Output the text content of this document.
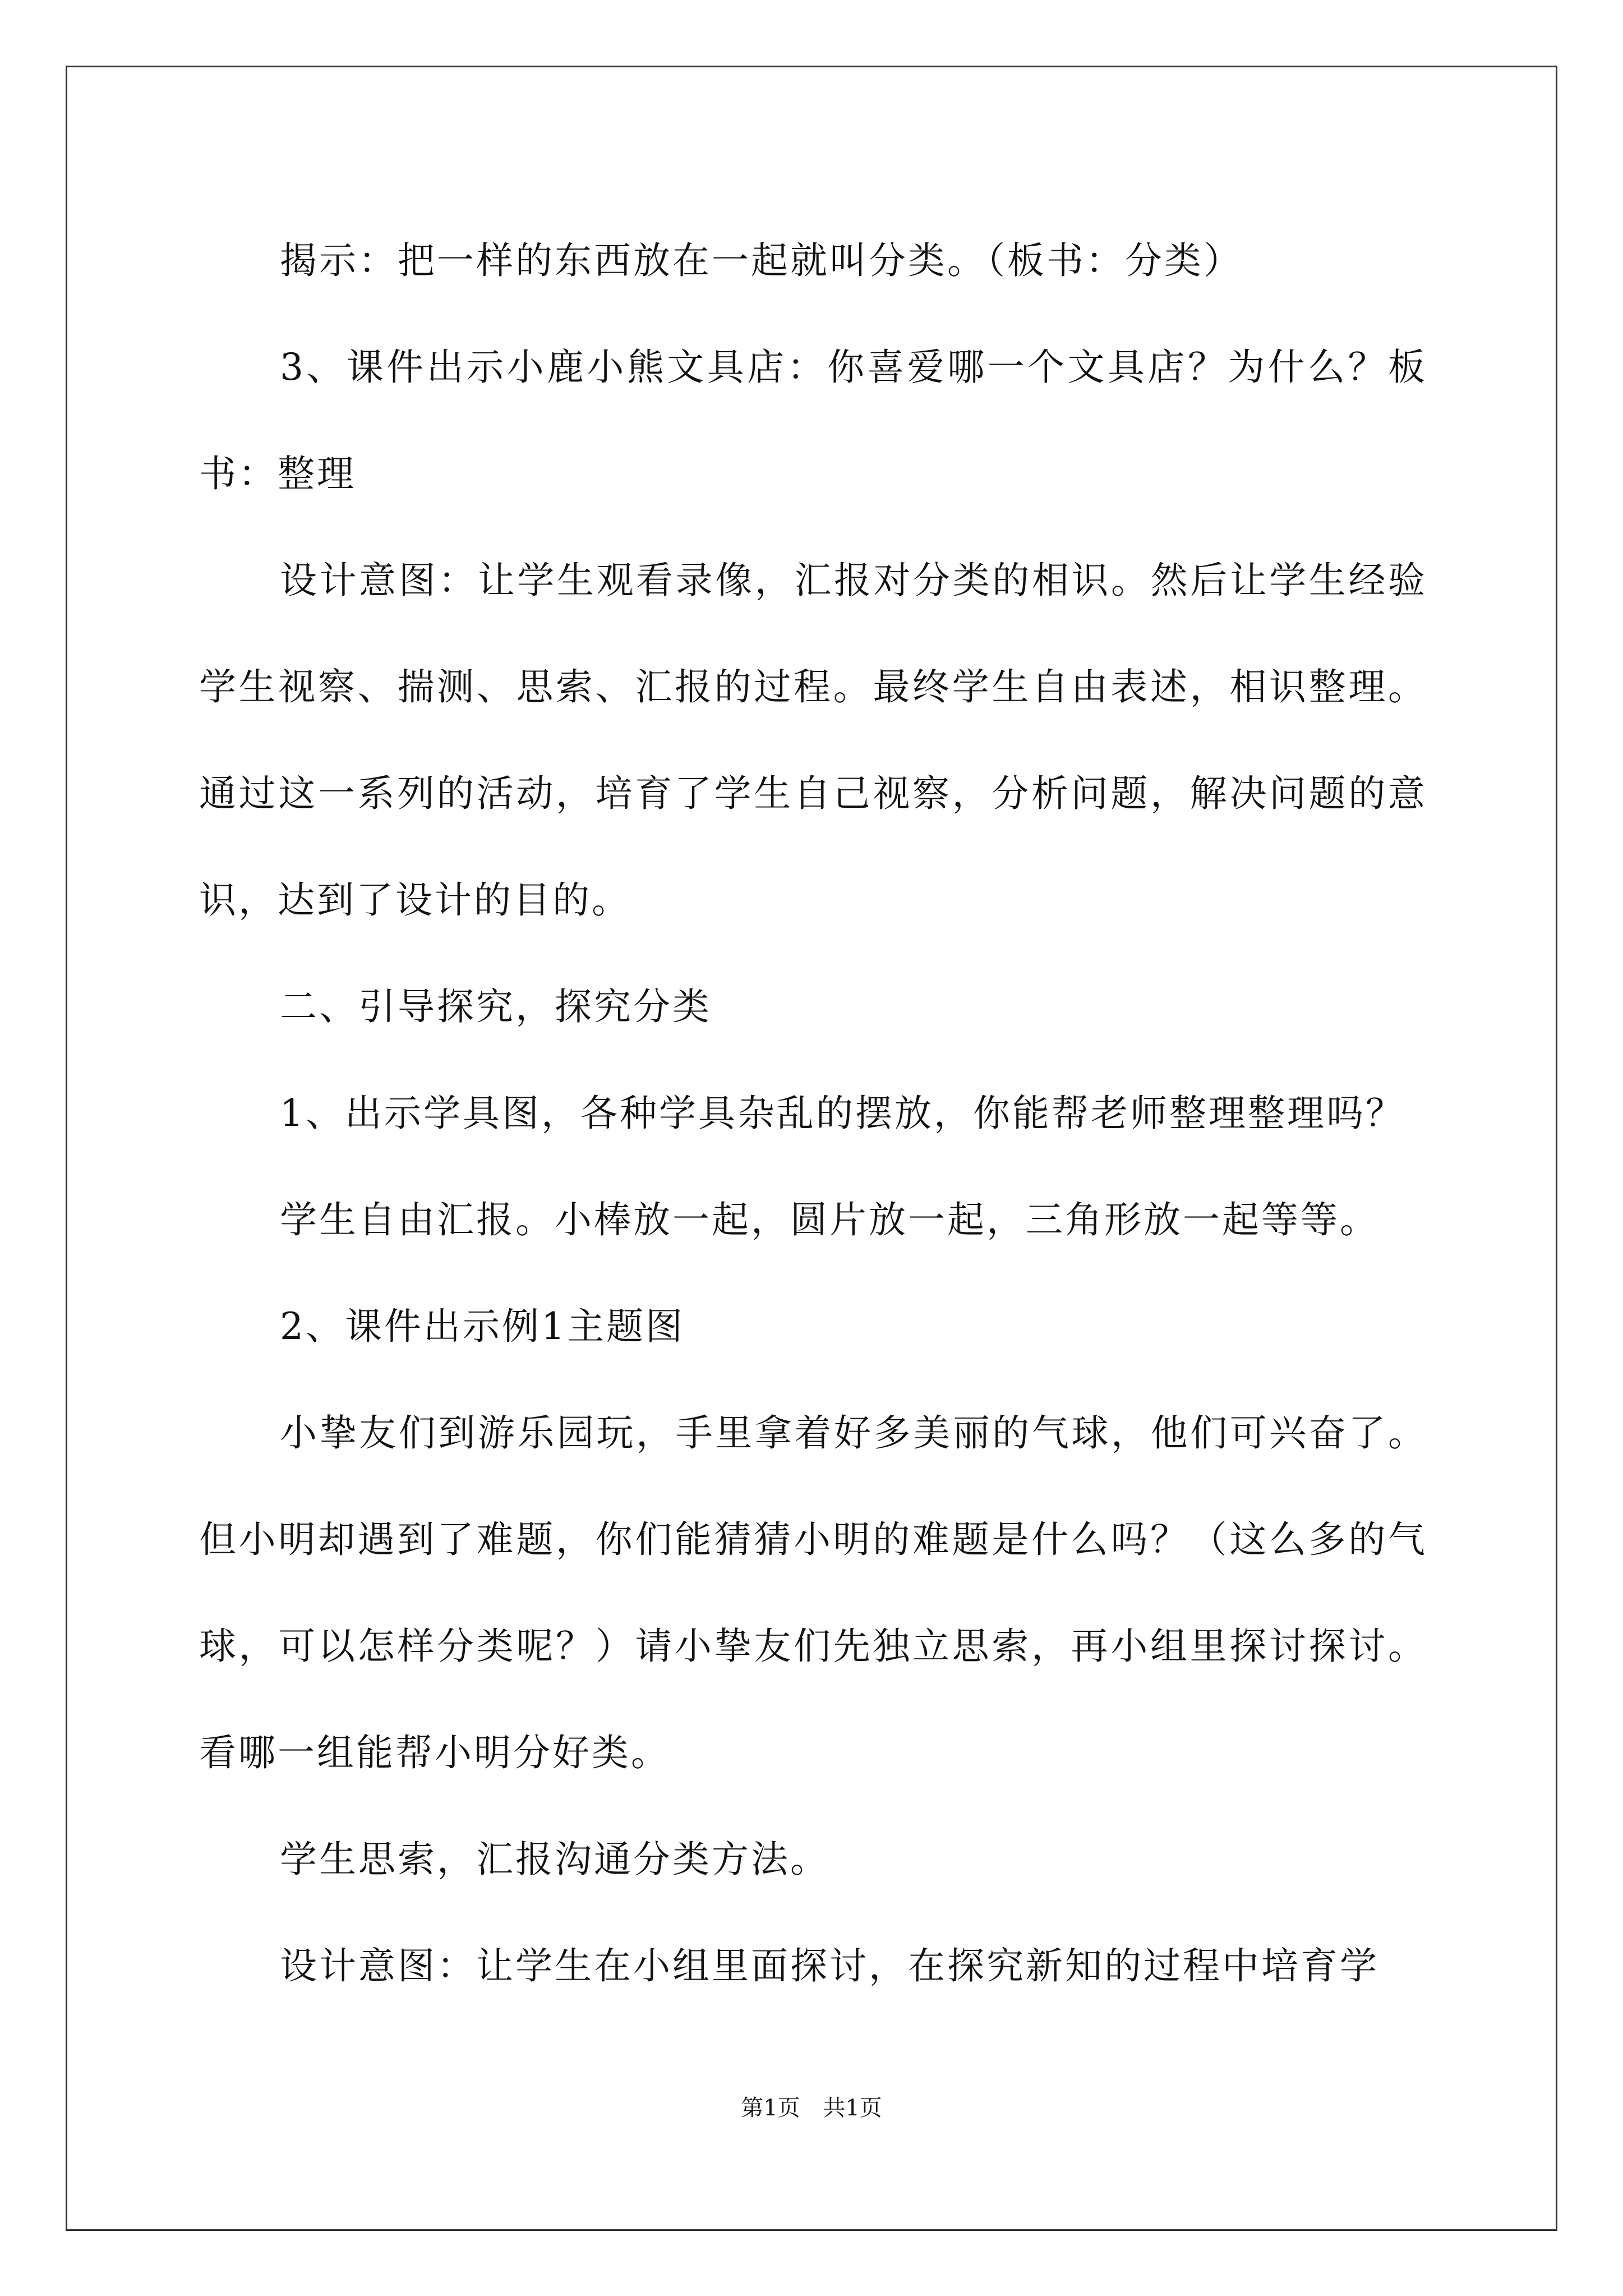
揭示：把一样的东西放在一起就叫分类。（板书：分类）

3、课件出示小鹿小熊文具店：你喜爱哪一个文具店？为什么？板书：整理

设计意图：让学生观看录像，汇报对分类的相识。然后让学生经验学生视察、揣测、思索、汇报的过程。最终学生自由表述，相识整理。通过这一系列的活动，培育了学生自己视察，分析问题，解决问题的意识，达到了设计的目的。

二、引导探究，探究分类

1、出示学具图，各种学具杂乱的摆放，你能帮老师整理整理吗？

学生自由汇报。小棒放一起，圆片放一起，三角形放一起等等。

2、课件出示例1主题图

小挚友们到游乐园玩，手里拿着好多美丽的气球，他们可兴奋了。但小明却遇到了难题，你们能猜猜小明的难题是什么吗？（这么多的气球，可以怎样分类呢？）请小挚友们先独立思索，再小组里探讨探讨。看哪一组能帮小明分好类。

学生思索，汇报沟通分类方法。

设计意图：让学生在小组里面探讨，在探究新知的过程中培育学

第1页 共1页
